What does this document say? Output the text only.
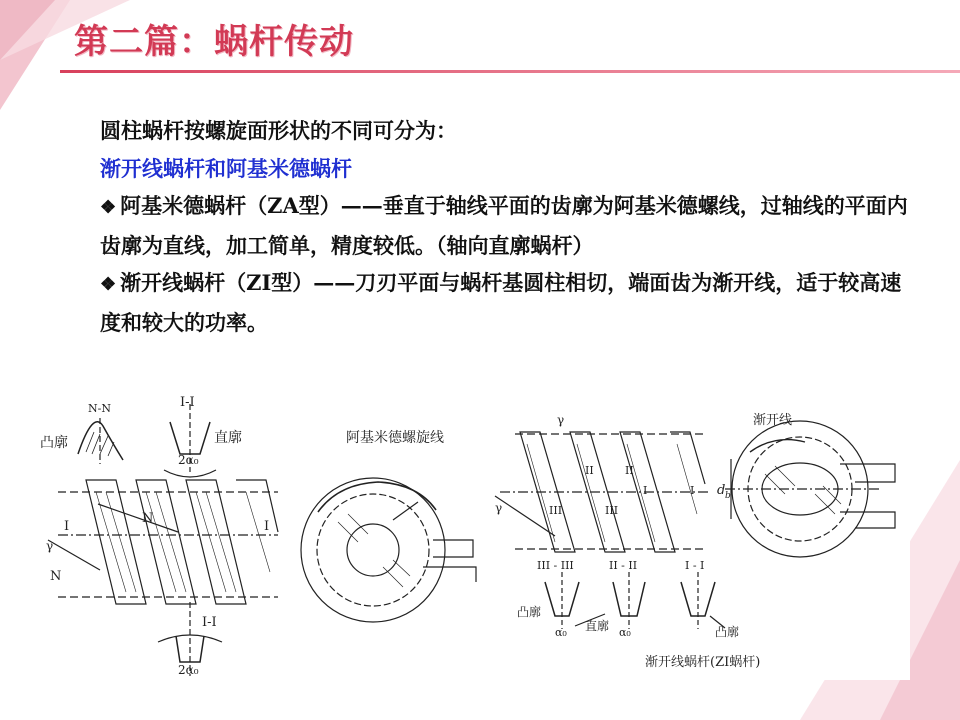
第二篇：蜗杆传动

圆柱蜗杆按螺旋面形状的不同可分为：

渐开线蜗杆和阿基米德蜗杆

❖ 阿基米德蜗杆（ZA型）——垂直于轴线平面的齿廓为阿基米德螺线，过轴线的平面内齿廓为直线，加工简单，精度较低。（轴向直廓蜗杆）

❖ 渐开线蜗杆（ZI型）——刀刃平面与蜗杆基圆柱相切，端面齿为渐开线，适于较高速度和较大的功率。

N-N
凸廓
I-I
直廓
2α₀
I	I
N
γ
N
I-I
2α₀
阿基米德螺旋线
γ
γ
II	II
I	I
III	III
渐开线
d b
III - III	II - II	I - I
凸廓
直廓
α₀	α₀	凸廓
渐开线蜗杆(ZI蜗杆)
